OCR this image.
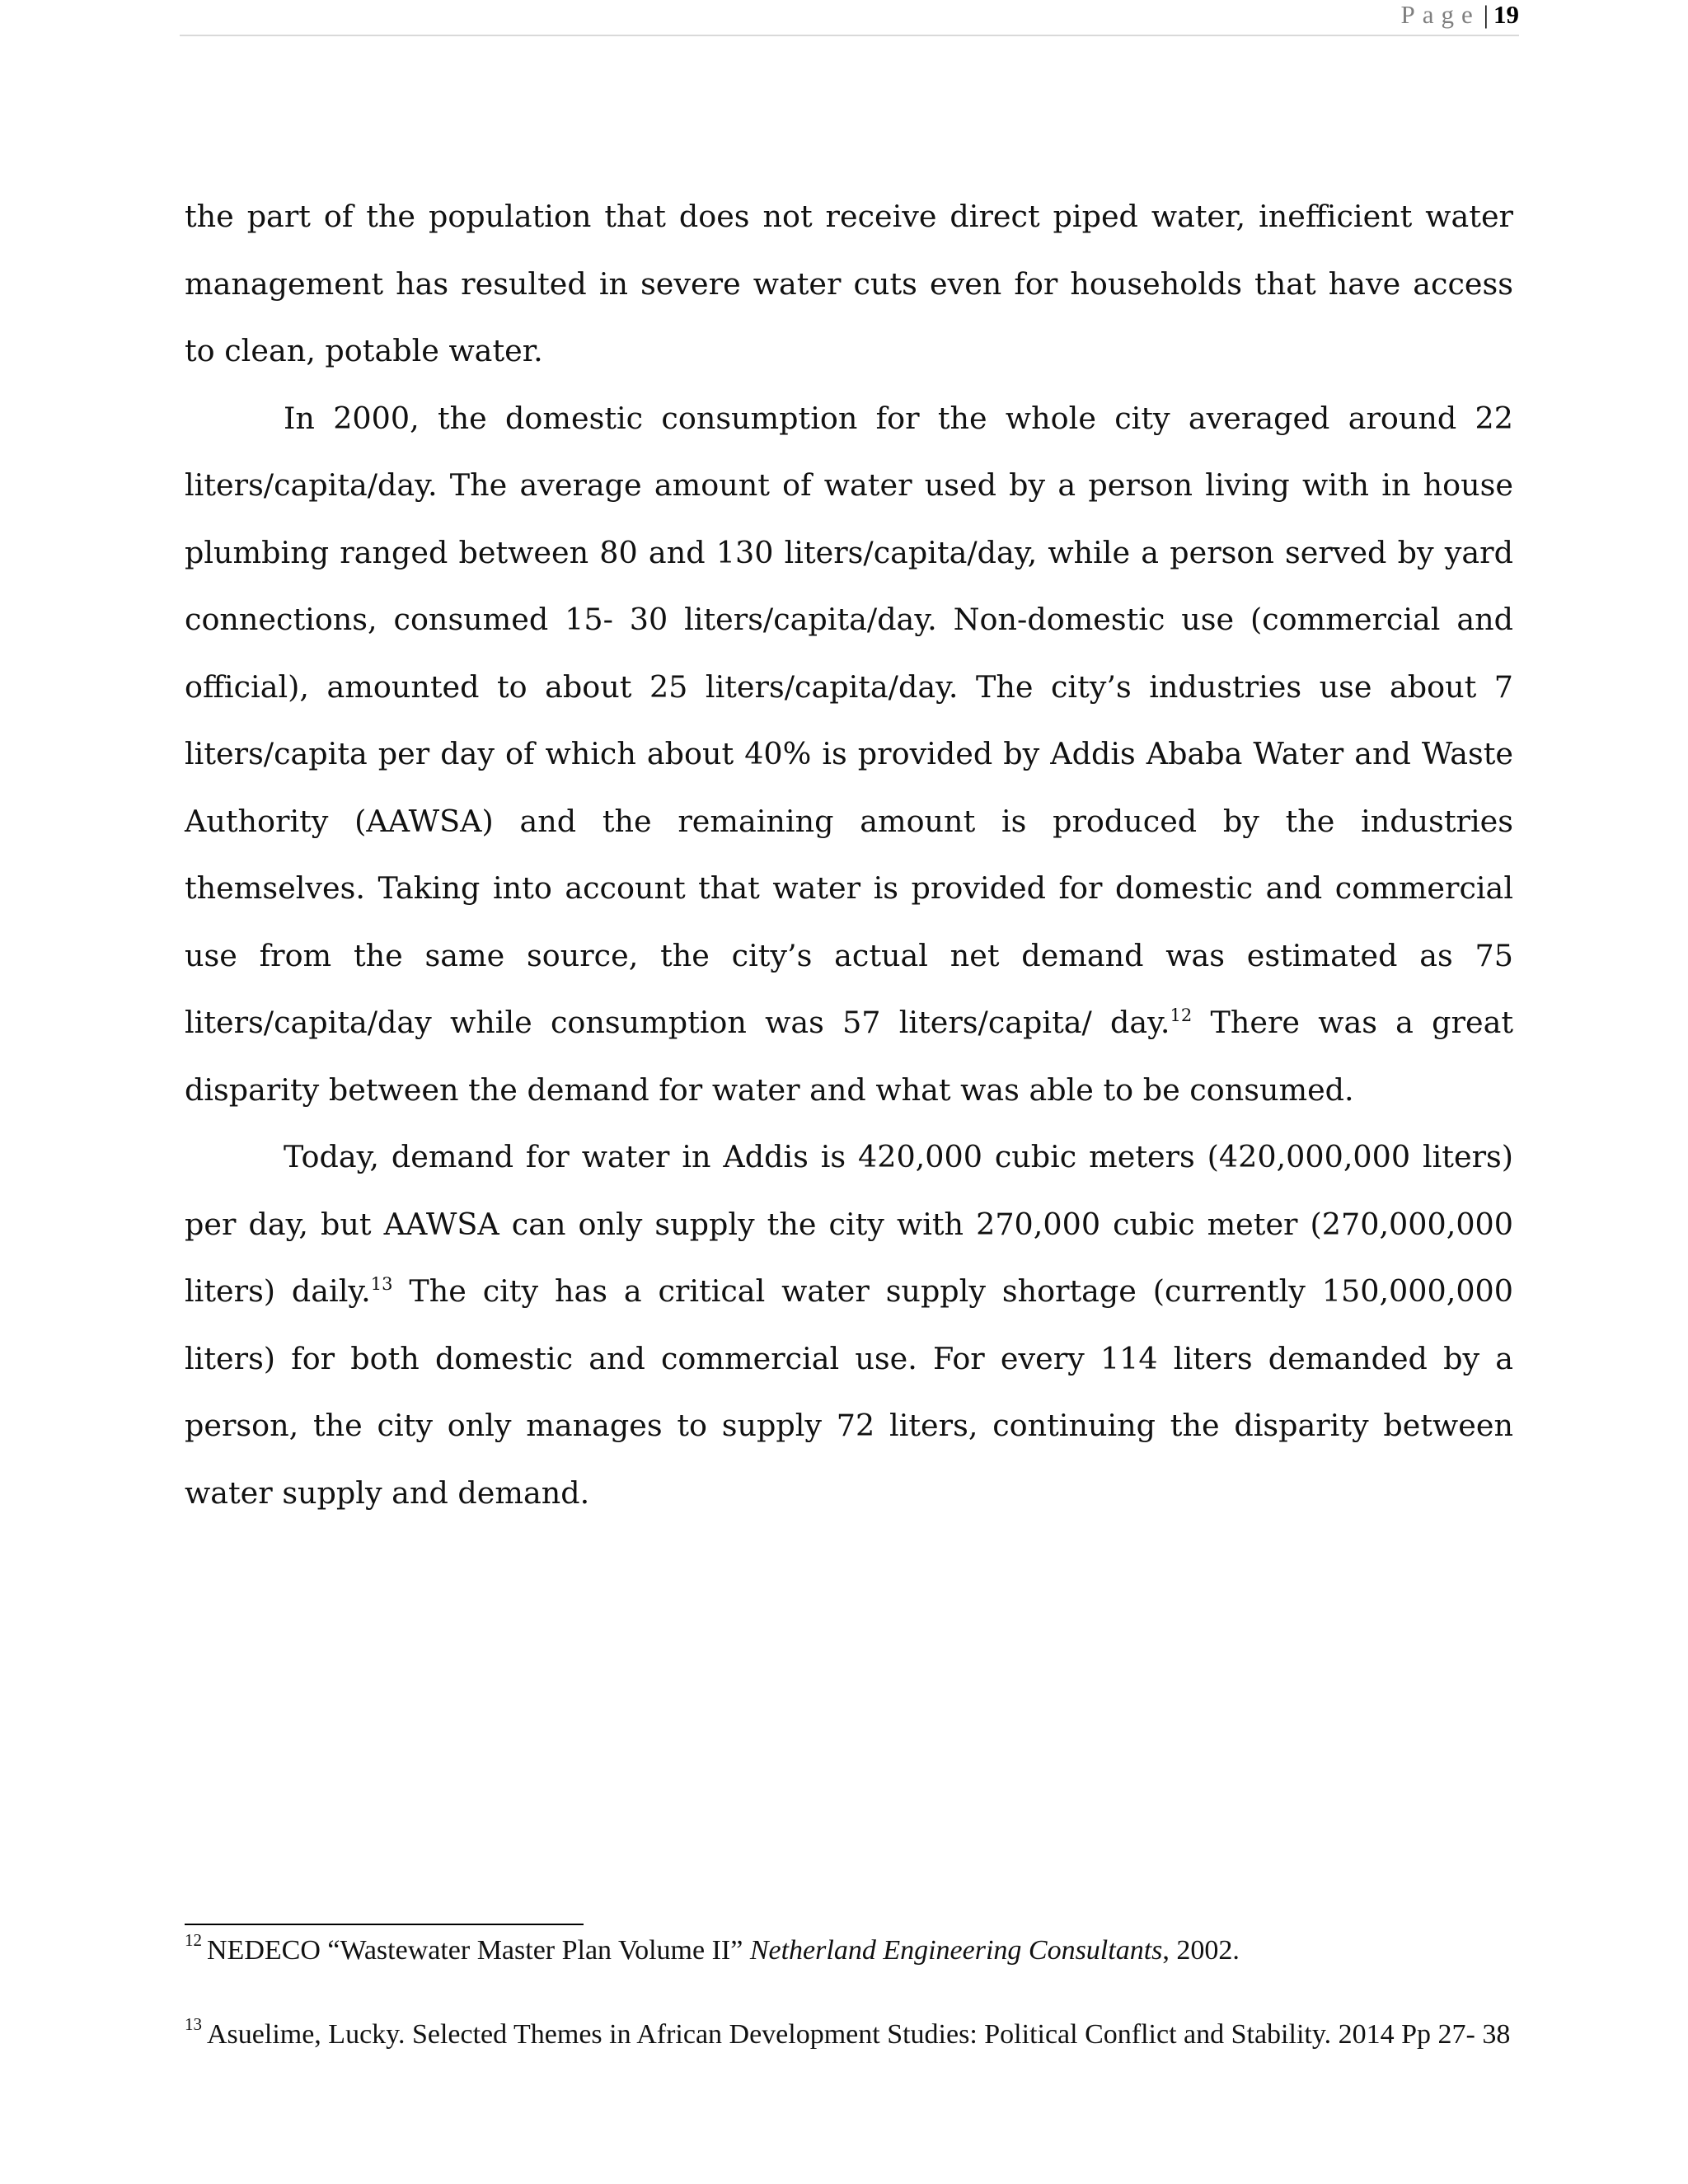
Page | 19

the part of the population that does not receive direct piped water, inefficient water management has resulted in severe water cuts even for households that have access to clean, potable water.

In 2000, the domestic consumption for the whole city averaged around 22 liters/capita/day. The average amount of water used by a person living with in house plumbing ranged between 80 and 130 liters/capita/day, while a person served by yard connections, consumed 15- 30 liters/capita/day. Non-domestic use (commercial and official), amounted to about 25 liters/capita/day. The city’s industries use about 7 liters/capita per day of which about 40% is provided by Addis Ababa Water and Waste Authority (AAWSA) and the remaining amount is produced by the industries themselves. Taking into account that water is provided for domestic and commercial use from the same source, the city’s actual net demand was estimated as 75 liters/capita/day while consumption was 57 liters/capita/ day.$^{12}$ There was a great disparity between the demand for water and what was able to be consumed.

Today, demand for water in Addis is 420,000 cubic meters (420,000,000 liters) per day, but AAWSA can only supply the city with 270,000 cubic meter (270,000,000 liters) daily.$^{13}$ The city has a critical water supply shortage (currently 150,000,000 liters) for both domestic and commercial use. For every 114 liters demanded by a person, the city only manages to supply 72 liters, continuing the disparity between water supply and demand.

$^{12}$ NEDECO “Wastewater Master Plan Volume II” Netherland Engineering Consultants, 2002.
$^{13}$ Asuelime, Lucky. Selected Themes in African Development Studies: Political Conflict and Stability. 2014 Pp 27- 38
